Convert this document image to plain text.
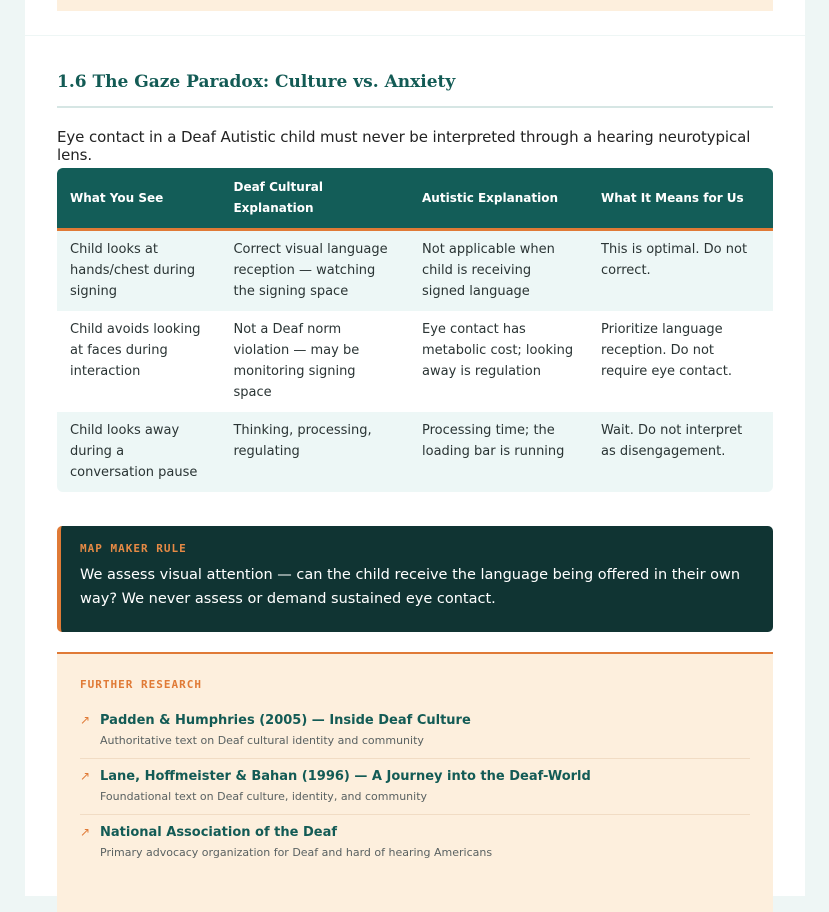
1.6 The Gaze Paradox: Culture vs. Anxiety

Eye contact in a Deaf Autistic child must never be interpreted through a hearing neurotypical lens.

What You See	Deaf Cultural Explanation	Autistic Explanation	What It Means for Us
Child looks at hands/chest during signing	Correct visual language reception — watching the signing space	Not applicable when child is receiving signed language	This is optimal. Do not correct.
Child avoids looking at faces during interaction	Not a Deaf norm violation — may be monitoring signing space	Eye contact has metabolic cost; looking away is regulation	Prioritize language reception. Do not require eye contact.
Child looks away during a conversation pause	Thinking, processing, regulating	Processing time; the loading bar is running	Wait. Do not interpret as disengagement.

MAP MAKER RULE

We assess visual attention — can the child receive the language being offered in their own way? We never assess or demand sustained eye contact.

FURTHER RESEARCH

↗ Padden & Humphries (2005) — Inside Deaf Culture
Authoritative text on Deaf cultural identity and community
↗ Lane, Hoffmeister & Bahan (1996) — A Journey into the Deaf-World
Foundational text on Deaf culture, identity, and community
↗ National Association of the Deaf
Primary advocacy organization for Deaf and hard of hearing Americans
